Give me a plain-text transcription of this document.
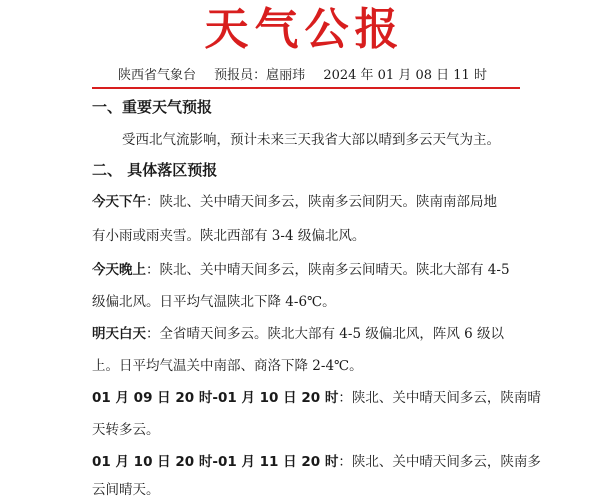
天气公报
陕西省气象台 预报员：扈丽玮 2024 年 01 月 08 日 11 时
一、重要天气预报
受西北气流影响，预计未来三天我省大部以晴到多云天气为主。
二、 具体落区预报
今天下午：陕北、关中晴天间多云，陕南多云间阴天。陕南南部局地
有小雨或雨夹雪。陕北西部有 3-4 级偏北风。
今天晚上：陕北、关中晴天间多云，陕南多云间晴天。陕北大部有 4-5
级偏北风。日平均气温陕北下降 4-6℃。
明天白天：全省晴天间多云。陕北大部有 4-5 级偏北风，阵风 6 级以
上。日平均气温关中南部、商洛下降 2-4℃。
01 月 09 日 20 时-01 月 10 日 20 时：陕北、关中晴天间多云，陕南晴
天转多云。
01 月 10 日 20 时-01 月 11 日 20 时：陕北、关中晴天间多云，陕南多
云间晴天。
